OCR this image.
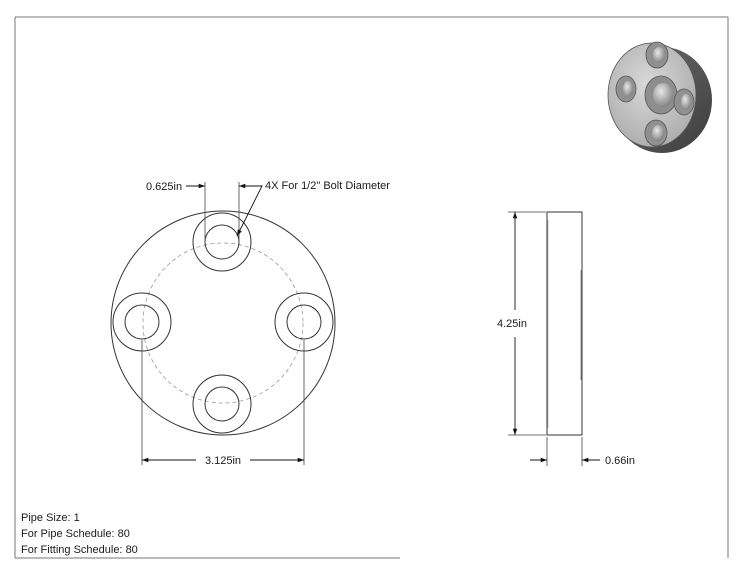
0.625in	4X For 1/2" Bolt Diameter
3.125in
4.25in
0.66in
Pipe Size: 1
For Pipe Schedule: 80
For Fitting Schedule: 80
